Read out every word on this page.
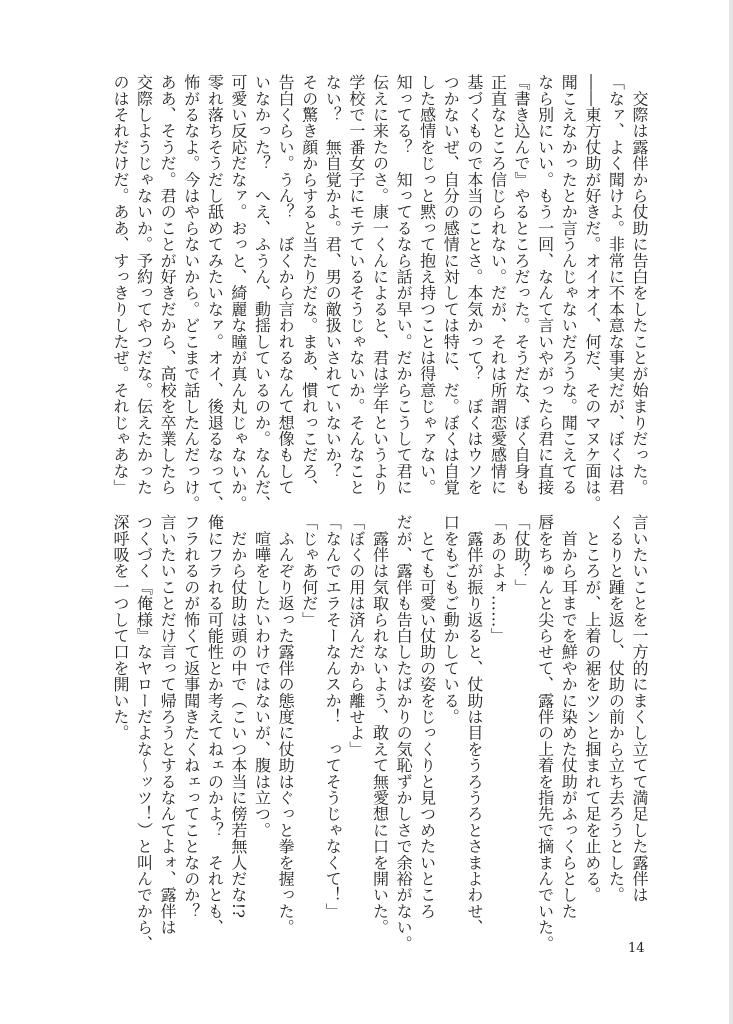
　交際は露伴から仗助に告白をしたことが始まりだった。
「なァ、よく聞けよ。非常に不本意な事実だが、ぼくは君
――東方仗助が好きだ。オイオイ、何だ、そのマヌケ面は。
聞こえなかったとか言うんじゃないだろうな。聞こえてる
なら別にいい。もう一回、なんて言いやがったら君に直接
『書き込んで』やるところだった。そうだな、ぼく自身も
正直なところ信じられない。だが、それは所謂恋愛感情に
基づくもので本当のことさ。本気かって？　ぼくはウソを
つかないぜ、自分の感情に対しては特に、だ。ぼくは自覚
した感情をじっと黙って抱え持つことは得意じゃァない。
知ってる？　知ってるなら話が早い。だからこうして君に
伝えに来たのさ。康一くんによると、君は学年というより
学校で一番女子にモテているそうじゃないか。そんなこと
ない？　無自覚かよ。君、男の敵扱いされていないか？
その驚き顔からすると当たりだな。まあ、慣れっこだろ、
告白くらい。うん？　ぼくから言われるなんて想像もして
いなかった？　へえ、ふうん、動揺しているのか。なんだ、
可愛い反応だなァ。おっと、綺麗な瞳が真ん丸じゃないか。
零れ落ちそうだし舐めてみたいなァ。オイ、後退るなって、
怖がるなよ。今はやらないから。どこまで話したんだっけ。
ああ、そうだ。君のことが好きだから、高校を卒業したら
交際しようじゃないか。予約ってやつだな。伝えたかった
のはそれだけだ。ああ、すっきりしたぜ。それじゃあな」
言いたいことを一方的にまくし立てて満足した露伴は
くるりと踵を返し、仗助の前から立ち去ろうとした。
　ところが、上着の裾をツンと掴まれて足を止める。
　首から耳までを鮮やかに染めた仗助がふっくらとした
唇をちゅんと尖らせて、露伴の上着を指先で摘まんでいた。
「仗助？」
「あのよォ……」
　露伴が振り返ると、仗助は目をうろうろとさまよわせ、
口をもごもご動かしている。
　とても可愛い仗助の姿をじっくりと見つめたいところ
だが、露伴も告白したばかりの気恥ずかしさで余裕がない。
　露伴は気取られないよう、敢えて無愛想に口を開いた。
「ぼくの用は済んだから離せよ」
「なんでエラそーなんスか！　ってそうじゃなくて！」
「じゃあ何だ」
　ふんぞり返った露伴の態度に仗助はぐっと拳を握った。
　喧嘩をしたいわけではないが、腹は立つ。
　だから仗助は頭の中で（こいつ本当に傍若無人だな!?
俺にフラれる可能性とか考えてねェのかよ？　それとも、
フラれるのが怖くて返事聞きたくねェってことなのか？
言いたいことだけ言って帰ろうとするなんてよォ、露伴は
つくづく『俺様』なヤローだよな～ッツ！）と叫んでから、
深呼吸を一つして口を開いた。
14
